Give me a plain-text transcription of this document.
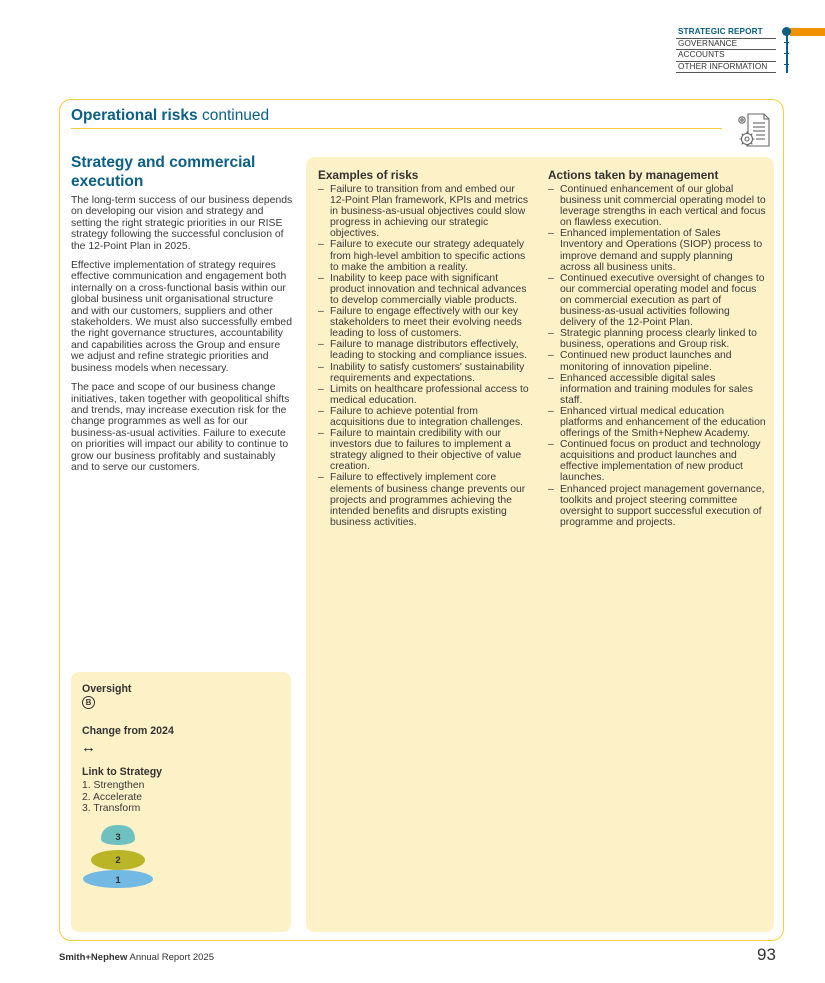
STRATEGIC REPORT
GOVERNANCE
ACCOUNTS
OTHER INFORMATION
Operational risks continued
Strategy and commercial execution

The long-term success of our business depends on developing our vision and strategy and setting the right strategic priorities in our RISE strategy following the successful conclusion of the 12-Point Plan in 2025.

Effective implementation of strategy requires effective communication and engagement both internally on a cross-functional basis within our global business unit organisational structure and with our customers, suppliers and other stakeholders. We must also successfully embed the right governance structures, accountability and capabilities across the Group and ensure we adjust and refine strategic priorities and business models when necessary.

The pace and scope of our business change initiatives, taken together with geopolitical shifts and trends, may increase execution risk for the change programmes as well as for our business-as-usual activities. Failure to execute on priorities will impact our ability to continue to grow our business profitably and sustainably and to serve our customers.

Oversight
B
Change from 2024
↔
Link to Strategy
1. Strengthen
2. Accelerate
3. Transform
3
2
1
Examples of risks
– Failure to transition from and embed our 12-Point Plan framework, KPIs and metrics in business-as-usual objectives could slow progress in achieving our strategic objectives.
– Failure to execute our strategy adequately from high-level ambition to specific actions to make the ambition a reality.
– Inability to keep pace with significant product innovation and technical advances to develop commercially viable products.
– Failure to engage effectively with our key stakeholders to meet their evolving needs leading to loss of customers.
– Failure to manage distributors effectively, leading to stocking and compliance issues.
– Inability to satisfy customers' sustainability requirements and expectations.
– Limits on healthcare professional access to medical education.
– Failure to achieve potential from acquisitions due to integration challenges.
– Failure to maintain credibility with our investors due to failures to implement a strategy aligned to their objective of value creation.
– Failure to effectively implement core elements of business change prevents our projects and programmes achieving the intended benefits and disrupts existing business activities.
Actions taken by management
– Continued enhancement of our global business unit commercial operating model to leverage strengths in each vertical and focus on flawless execution.
– Enhanced implementation of Sales Inventory and Operations (SIOP) process to improve demand and supply planning across all business units.
– Continued executive oversight of changes to our commercial operating model and focus on commercial execution as part of business-as-usual activities following delivery of the 12-Point Plan.
– Strategic planning process clearly linked to business, operations and Group risk.
– Continued new product launches and monitoring of innovation pipeline.
– Enhanced accessible digital sales information and training modules for sales staff.
– Enhanced virtual medical education platforms and enhancement of the education offerings of the Smith+Nephew Academy.
– Continued focus on product and technology acquisitions and product launches and effective implementation of new product launches.
– Enhanced project management governance, toolkits and project steering committee oversight to support successful execution of programme and projects.
Smith+Nephew Annual Report 2025	93
